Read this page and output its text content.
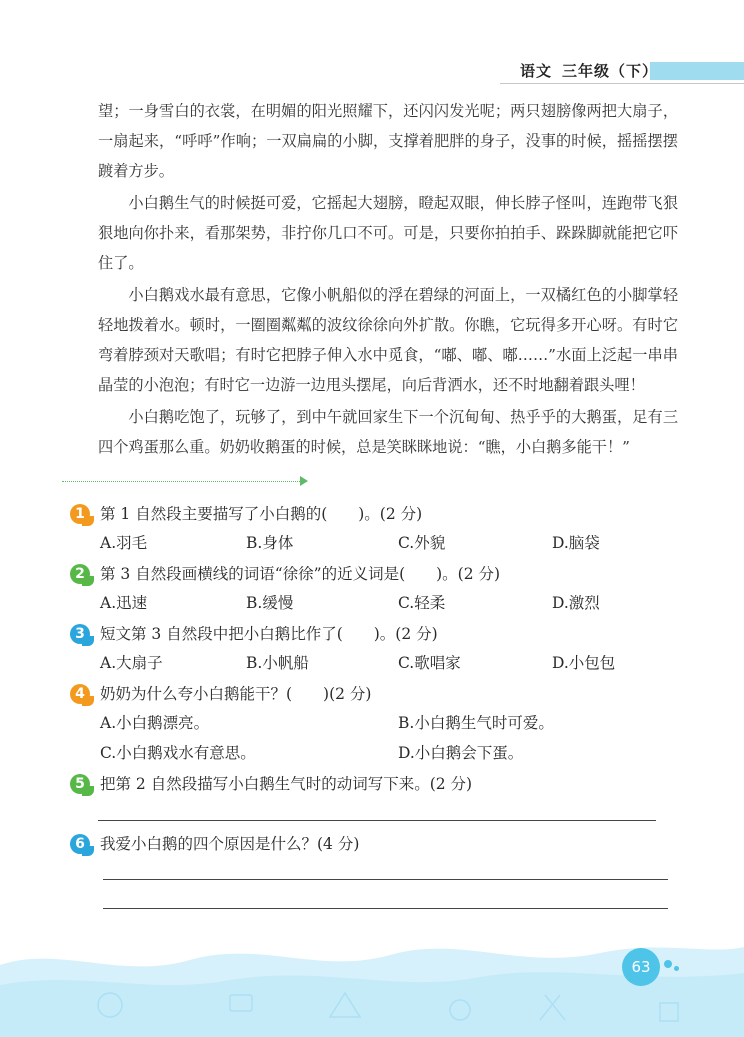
语文 三年级（下）

望；一身雪白的衣裳，在明媚的阳光照耀下，还闪闪发光呢；两只翅膀像两把大扇子，一扇起来，“呼呼”作响；一双扁扁的小脚，支撑着肥胖的身子，没事的时候，摇摇摆摆踱着方步。

小白鹅生气的时候挺可爱，它摇起大翅膀，瞪起双眼，伸长脖子怪叫，连跑带飞狠狠地向你扑来，看那架势，非拧你几口不可。可是，只要你拍拍手、跺跺脚就能把它吓住了。

小白鹅戏水最有意思，它像小帆船似的浮在碧绿的河面上，一双橘红色的小脚掌轻轻地拨着水。顿时，一圈圈粼粼的波纹徐徐向外扩散。你瞧，它玩得多开心呀。有时它弯着脖颈对天歌唱；有时它把脖子伸入水中觅食，“嘟、嘟、嘟……”水面上泛起一串串晶莹的小泡泡；有时它一边游一边甩头摆尾，向后背洒水，还不时地翻着跟头哩！

小白鹅吃饱了，玩够了，到中午就回家生下一个沉甸甸、热乎乎的大鹅蛋，足有三四个鸡蛋那么重。奶奶收鹅蛋的时候，总是笑眯眯地说：“瞧，小白鹅多能干！”

1 第 1 自然段主要描写了小白鹅的(　　)。(2 分)
A.羽毛	B.身体	C.外貌	D.脑袋
2 第 3 自然段画横线的词语“徐徐”的近义词是(　　)。(2 分)
A.迅速	B.缓慢	C.轻柔	D.激烈
3 短文第 3 自然段中把小白鹅比作了(　　)。(2 分)
A.大扇子	B.小帆船	C.歌唱家	D.小包包
4 奶奶为什么夸小白鹅能干？(　　)(2 分)
A.小白鹅漂亮。	B.小白鹅生气时可爱。
C.小白鹅戏水有意思。	D.小白鹅会下蛋。
5 把第 2 自然段描写小白鹅生气时的动词写下来。(2 分)
6 我爱小白鹅的四个原因是什么？(4 分)
63
